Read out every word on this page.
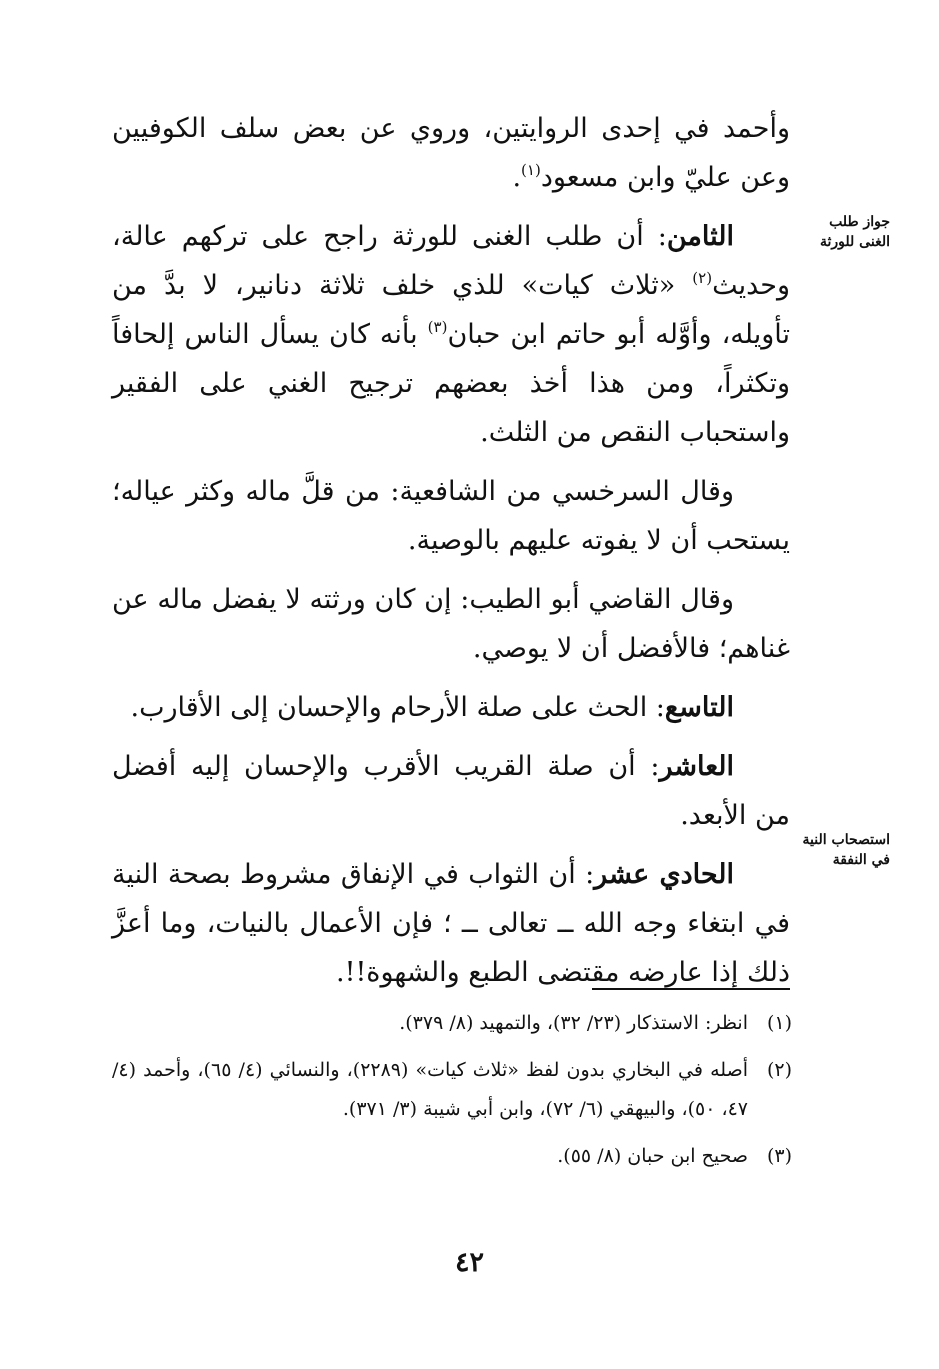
جواز طلب الغنى للورثة
استصحاب النية في النفقة

وأحمد في إحدى الروايتين، وروي عن بعض سلف الكوفيين وعن عليّ وابن مسعود$^{(١)}$.

الثامن: أن طلب الغنى للورثة راجح على تركهم عالة، وحديث$^{(٢)}$ «ثلاث كيات» للذي خلف ثلاثة دنانير، لا بدَّ من تأويله، وأوَّله أبو حاتم ابن حبان$^{(٣)}$ بأنه كان يسأل الناس إلحافاً وتكثراً، ومن هذا أخذ بعضهم ترجيح الغني على الفقير واستحباب النقص من الثلث.

وقال السرخسي من الشافعية: من قلَّ ماله وكثر عياله؛ يستحب أن لا يفوته عليهم بالوصية.

وقال القاضي أبو الطيب: إن كان ورثته لا يفضل ماله عن غناهم؛ فالأفضل أن لا يوصي.

التاسع: الحث على صلة الأرحام والإحسان إلى الأقارب.

العاشر: أن صلة القريب الأقرب والإحسان إليه أفضل من الأبعد.

الحادي عشر: أن الثواب في الإنفاق مشروط بصحة النية في ابتغاء وجه الله ــ تعالى ــ ؛ فإن الأعمال بالنيات، وما أعزَّ ذلك إذا عارضه مقتضى الطبع والشهوة!!.

(١)
انظر: الاستذكار (٢٣/ ٣٢)، والتمهيد (٨/ ٣٧٩).
(٢)
أصله في البخاري بدون لفظ «ثلاث كيات» (٢٢٨٩)، والنسائي (٤/ ٦٥)، وأحمد (٤/ ٤٧، ٥٠)، والبيهقي (٦/ ٧٢)، وابن أبي شيبة (٣/ ٣٧١).
(٣)
صحيح ابن حبان (٨/ ٥٥).
٤٢
